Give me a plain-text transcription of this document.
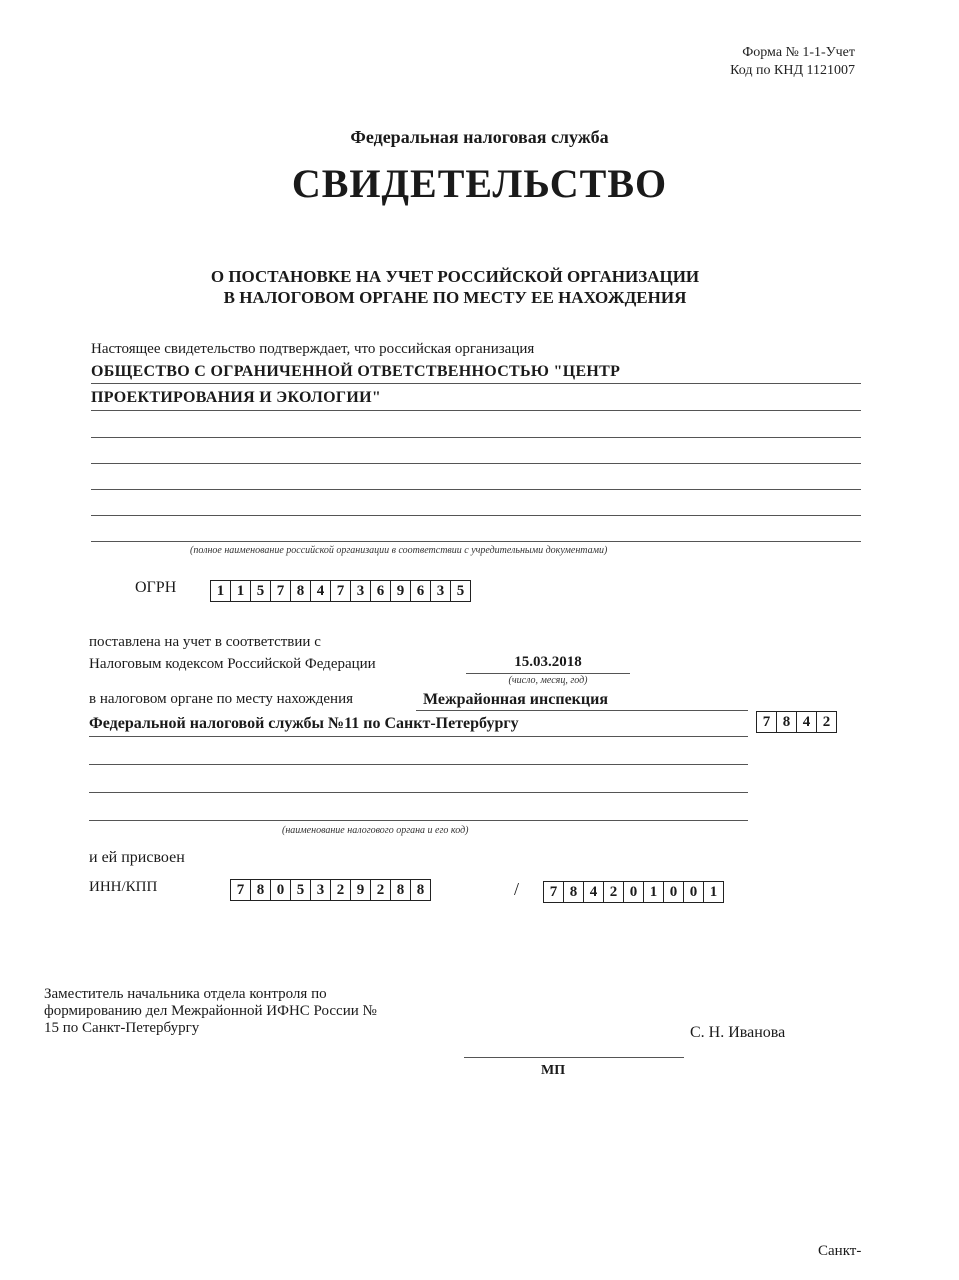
Форма № 1-1-Учет
Код по КНД 1121007
Федеральная налоговая служба
СВИДЕТЕЛЬСТВО
О ПОСТАНОВКЕ НА УЧЕТ РОССИЙСКОЙ ОРГАНИЗАЦИИ
В НАЛОГОВОМ ОРГАНЕ ПО МЕСТУ ЕЕ НАХОЖДЕНИЯ
Настоящее свидетельство подтверждает, что российская организация
ОБЩЕСТВО С ОГРАНИЧЕННОЙ ОТВЕТСТВЕННОСТЬЮ "ЦЕНТР
ПРОЕКТИРОВАНИЯ И ЭКОЛОГИИ"
(полное наименование российской организации в соответствии с учредительными документами)
ОГРН	1 1 5 7 8 4 7 3 6 9 6 3 5
поставлена на учет в соответствии с
Налоговым кодексом Российской Федерации	15.03.2018
(число, месяц, год)
в налоговом органе по месту нахождения	Межрайонная инспекция
Федеральной налоговой службы №11 по Санкт-Петербургу	7 8 4 2
(наименование налогового органа и его код)
и ей присвоен
ИНН/КПП	7 8 0 5 3 2 9 2 8 8	/	7 8 4 2 0 1 0 0 1
Заместитель начальника отдела контроля по
формированию дел Межрайонной ИФНС России №
15 по Санкт-Петербургу	С. Н. Иванова
МП
Санкт-
